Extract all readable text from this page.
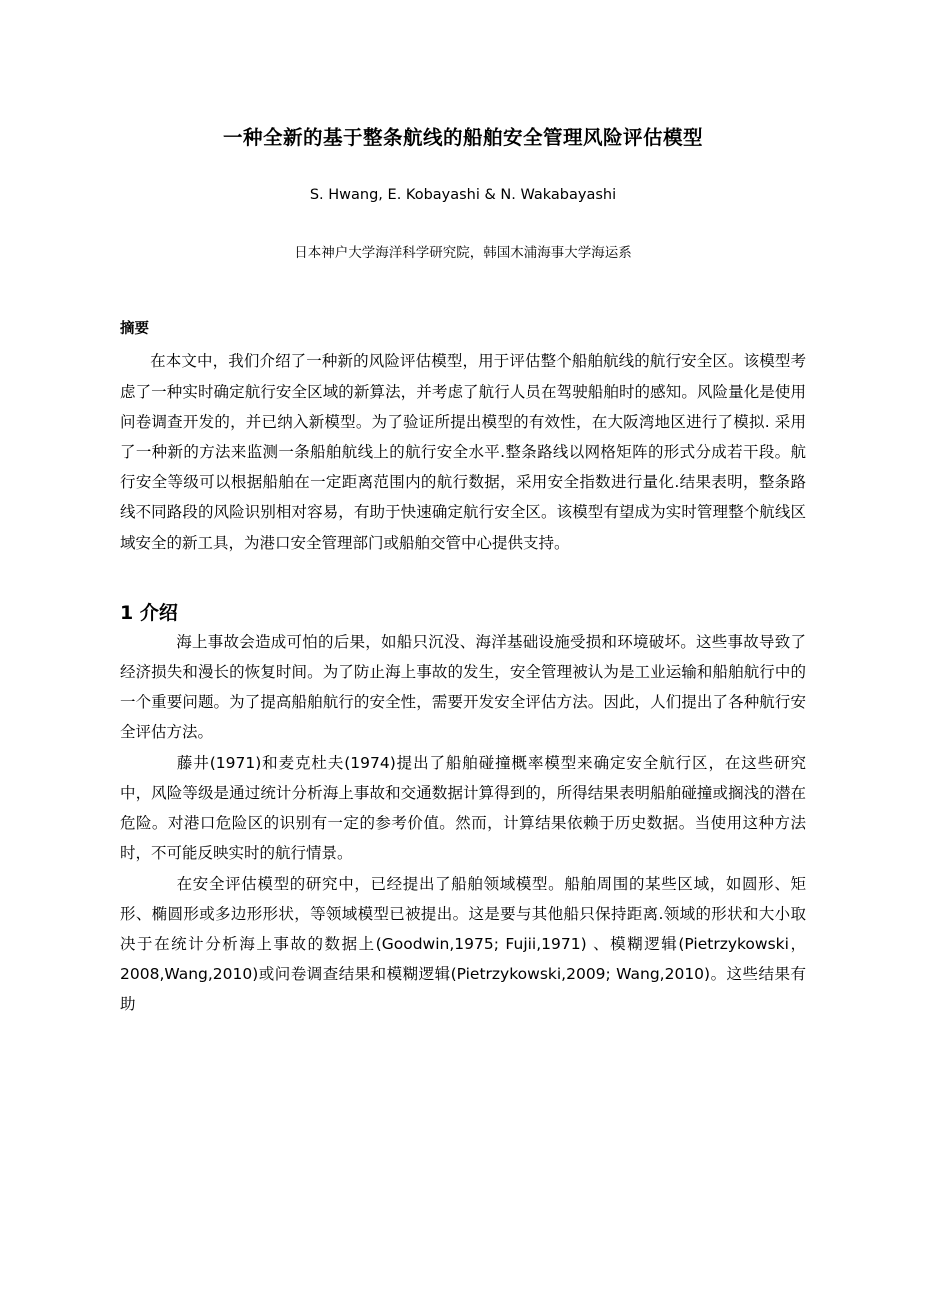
一种全新的基于整条航线的船舶安全管理风险评估模型
S. Hwang, E. Kobayashi & N. Wakabayashi
日本神户大学海洋科学研究院，韩国木浦海事大学海运系
摘要
在本文中，我们介绍了一种新的风险评估模型，用于评估整个船舶航线的航行安全区。该模型考虑了一种实时确定航行安全区域的新算法，并考虑了航行人员在驾驶船舶时的感知。风险量化是使用问卷调查开发的，并已纳入新模型。为了验证所提出模型的有效性，在大阪湾地区进行了模拟. 采用了一种新的方法来监测一条船舶航线上的航行安全水平.整条路线以网格矩阵的形式分成若干段。航行安全等级可以根据船舶在一定距离范围内的航行数据，采用安全指数进行量化.结果表明，整条路线不同路段的风险识别相对容易，有助于快速确定航行安全区。该模型有望成为实时管理整个航线区域安全的新工具，为港口安全管理部门或船舶交管中心提供支持。
1 介绍

海上事故会造成可怕的后果，如船只沉没、海洋基础设施受损和环境破坏。这些事故导致了经济损失和漫长的恢复时间。为了防止海上事故的发生，安全管理被认为是工业运输和船舶航行中的一个重要问题。为了提高船舶航行的安全性，需要开发安全评估方法。因此，人们提出了各种航行安全评估方法。

藤井(1971)和麦克杜夫(1974)提出了船舶碰撞概率模型来确定安全航行区，在这些研究中，风险等级是通过统计分析海上事故和交通数据计算得到的，所得结果表明船舶碰撞或搁浅的潜在危险。对港口危险区的识别有一定的参考价值。然而，计算结果依赖于历史数据。当使用这种方法时，不可能反映实时的航行情景。

在安全评估模型的研究中，已经提出了船舶领域模型。船舶周围的某些区域，如圆形、矩形、椭圆形或多边形形状，等领域模型已被提出。这是要与其他船只保持距离.领域的形状和大小取决于在统计分析海上事故的数据上(Goodwin,1975; Fujii,1971) 、模糊逻辑(Pietrzykowski，2008,Wang,2010)或问卷调查结果和模糊逻辑(Pietrzykowski,2009; Wang,2010)。这些结果有助
